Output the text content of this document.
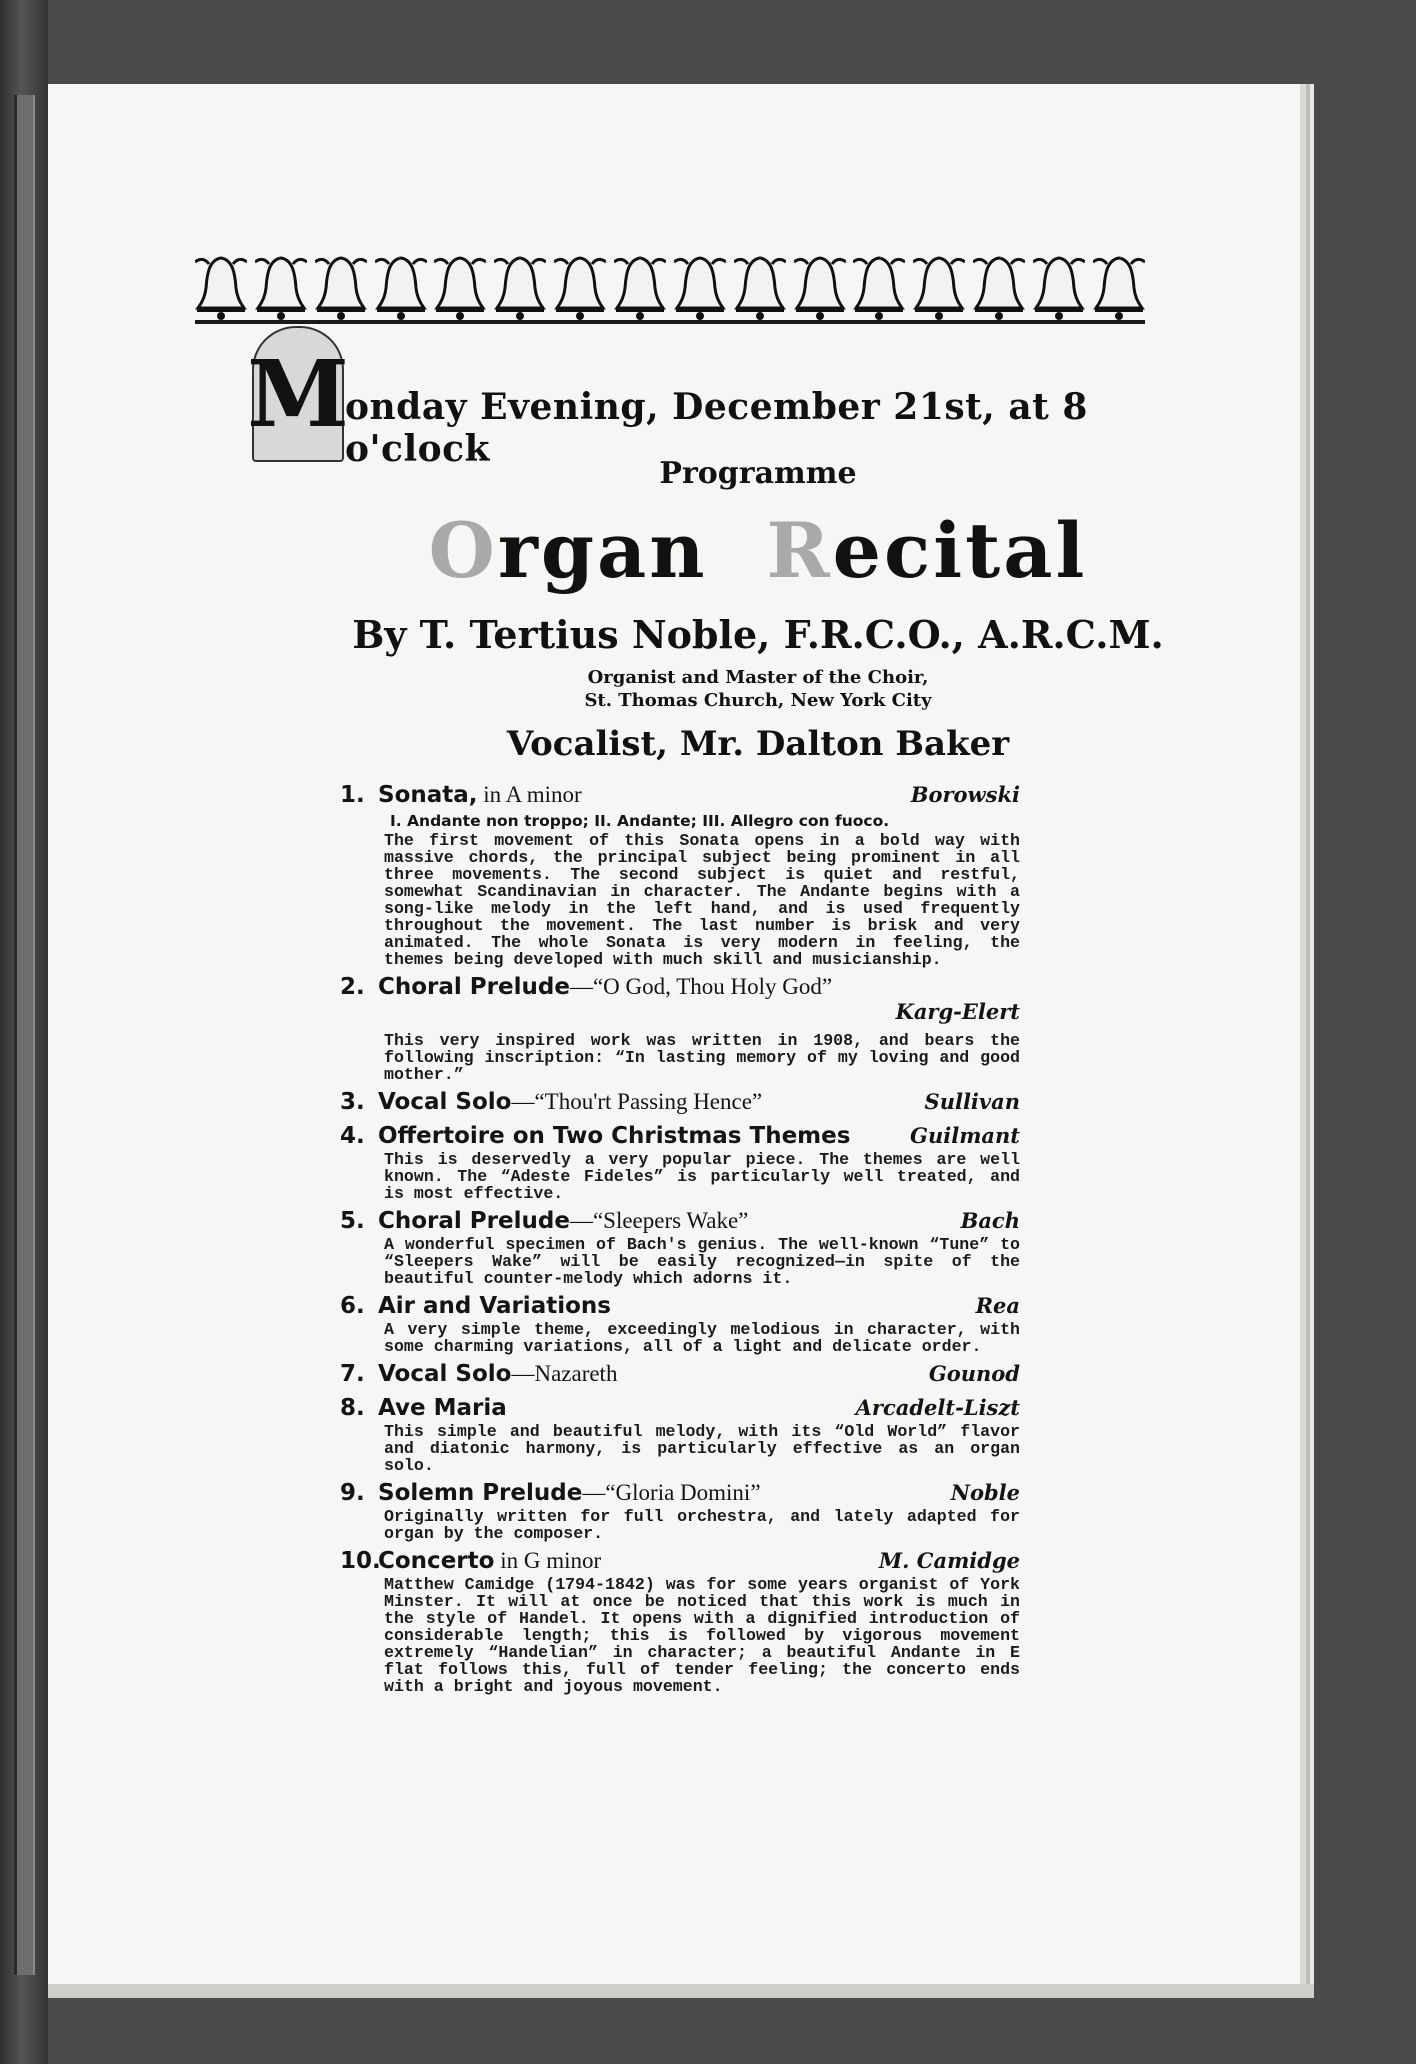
M
onday Evening, December 21st, at 8 o'clock
Programme
Organ Recital
By T. Tertius Noble, F.R.C.O., A.R.C.M.
Organist and Master of the Choir,
St. Thomas Church, New York City
Vocalist, Mr. Dalton Baker
1. Sonata, in A minor	Borowski
I. Andante non troppo; II. Andante; III. Allegro con fuoco.
The first movement of this Sonata opens in a bold way with massive chords, the principal subject being prominent in all three movements. The second subject is quiet and restful, somewhat Scandinavian in character. The Andante begins with a song-like melody in the left hand, and is used frequently throughout the movement. The last number is brisk and very animated. The whole Sonata is very modern in feeling, the themes being developed with much skill and musicianship.
2. Choral Prelude—“O God, Thou Holy God”
Karg-Elert
This very inspired work was written in 1908, and bears the following inscription: “In lasting memory of my loving and good mother.”
3. Vocal Solo—“Thou'rt Passing Hence”	Sullivan
4. Offertoire on Two Christmas Themes	Guilmant
This is deservedly a very popular piece. The themes are well known. The “Adeste Fideles” is particularly well treated, and is most effective.
5. Choral Prelude—“Sleepers Wake”	Bach
A wonderful specimen of Bach's genius. The well-known “Tune” to “Sleepers Wake” will be easily recognized—in spite of the beautiful counter-melody which adorns it.
6. Air and Variations	Rea
A very simple theme, exceedingly melodious in character, with some charming variations, all of a light and delicate order.
7. Vocal Solo—Nazareth	Gounod
8. Ave Maria	Arcadelt-Liszt
This simple and beautiful melody, with its “Old World” flavor and diatonic harmony, is particularly effective as an organ solo.
9. Solemn Prelude—“Gloria Domini”	Noble
Originally written for full orchestra, and lately adapted for organ by the composer.
10.Concerto in G minor	M. Camidge
Matthew Camidge (1794-1842) was for some years organist of York Minster. It will at once be noticed that this work is much in the style of Handel. It opens with a dignified introduction of considerable length; this is followed by vigorous movement extremely “Handelian” in character; a beautiful Andante in E flat follows this, full of tender feeling; the concerto ends with a bright and joyous movement.
